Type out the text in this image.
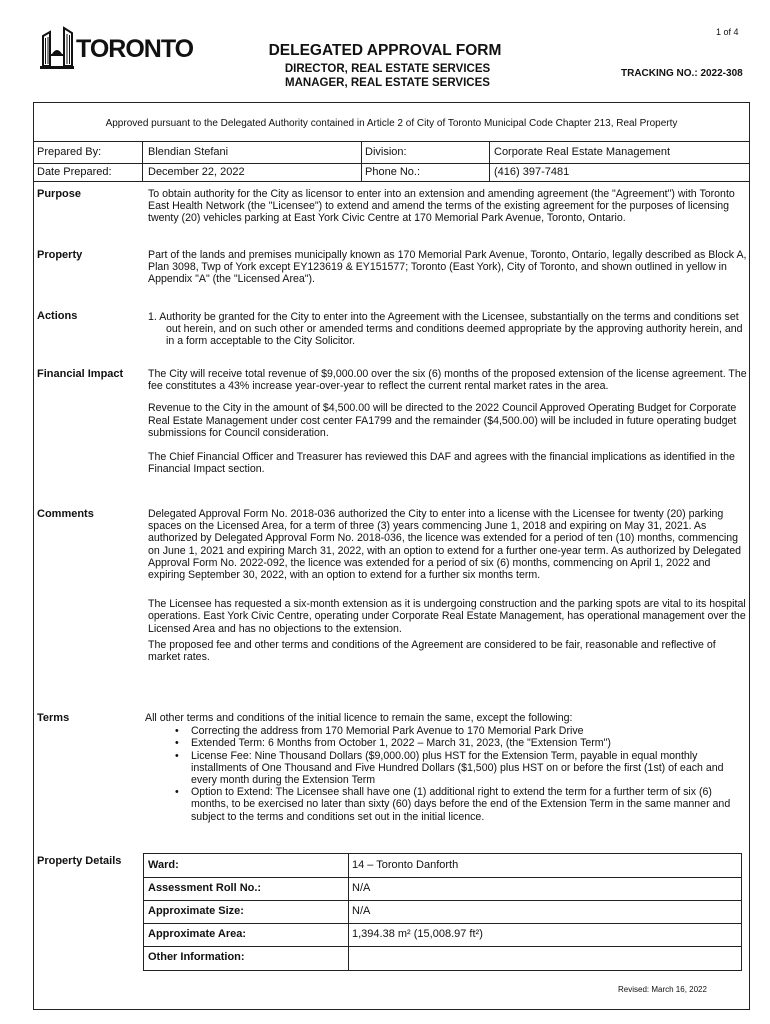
1 of 4
TORONTO	DELEGATED APPROVAL FORM
DIRECTOR, REAL ESTATE SERVICES
MANAGER, REAL ESTATE SERVICES
TRACKING NO.: 2022-308
Approved pursuant to the Delegated Authority contained in Article 2 of City of Toronto Municipal Code Chapter 213, Real Property
Prepared By:	Blendian Stefani	Division:	Corporate Real Estate Management
Date Prepared:	December 22, 2022	Phone No.:	(416) 397-7481
Purpose	To obtain authority for the City as licensor to enter into an extension and amending agreement (the "Agreement") with Toronto East Health Network (the "Licensee") to extend and amend the terms of the existing agreement for the purposes of licensing twenty (20) vehicles parking at East York Civic Centre at 170 Memorial Park Avenue, Toronto, Ontario.

Property	Part of the lands and premises municipally known as 170 Memorial Park Avenue, Toronto, Ontario, legally described as Block A, Plan 3098, Twp of York except EY123619 & EY151577; Toronto (East York), City of Toronto, and shown outlined in yellow in Appendix "A" (the "Licensed Area").

Actions	1. Authority be granted for the City to enter into the Agreement with the Licensee, substantially on the terms and conditions set out herein, and on such other or amended terms and conditions deemed appropriate by the approving authority herein, and in a form acceptable to the City Solicitor.

Financial Impact The City will receive total revenue of $9,000.00 over the six (6) months of the proposed extension of the license agreement. The fee constitutes a 43% increase year-over-year to reflect the current rental market rates in the area.

Revenue to the City in the amount of $4,500.00 will be directed to the 2022 Council Approved Operating Budget for Corporate Real Estate Management under cost center FA1799 and the remainder ($4,500.00) will be included in future operating budget submissions for Council consideration.

The Chief Financial Officer and Treasurer has reviewed this DAF and agrees with the financial implications as identified in the Financial Impact section.

Comments	Delegated Approval Form No. 2018-036 authorized the City to enter into a license with the Licensee for twenty (20) parking spaces on the Licensed Area, for a term of three (3) years commencing June 1, 2018 and expiring on May 31, 2021. As authorized by Delegated Approval Form No. 2018-036, the licence was extended for a period of ten (10) months, commencing on June 1, 2021 and expiring March 31, 2022, with an option to extend for a further one-year term. As authorized by Delegated Approval Form No. 2022-092, the licence was extended for a period of six (6) months, commencing on April 1, 2022 and expiring September 30, 2022, with an option to extend for a further six months term.

The Licensee has requested a six-month extension as it is undergoing construction and the parking spots are vital to its hospital operations. East York Civic Centre, operating under Corporate Real Estate Management, has operational management over the Licensed Area and has no objections to the extension.

The proposed fee and other terms and conditions of the Agreement are considered to be fair, reasonable and reflective of market rates.

Terms	All other terms and conditions of the initial licence to remain the same, except the following:

• Correcting the address from 170 Memorial Park Avenue to 170 Memorial Park Drive
• Extended Term: 6 Months from October 1, 2022 – March 31, 2023, (the "Extension Term")
• License Fee: Nine Thousand Dollars ($9,000.00) plus HST for the Extension Term, payable in equal monthly installments of One Thousand and Five Hundred Dollars ($1,500) plus HST on or before the first (1st) of each and every month during the Extension Term
• Option to Extend: The Licensee shall have one (1) additional right to extend the term for a further term of six (6) months, to be exercised no later than sixty (60) days before the end of the Extension Term in the same manner and subject to the terms and conditions set out in the initial licence.
Property Details Ward:	14 – Toronto Danforth
Assessment Roll No.:	N/A
Approximate Size:	N/A
Approximate Area:	1,394.38 m² (15,008.97 ft²)
Other Information:
Revised: March 16, 2022
